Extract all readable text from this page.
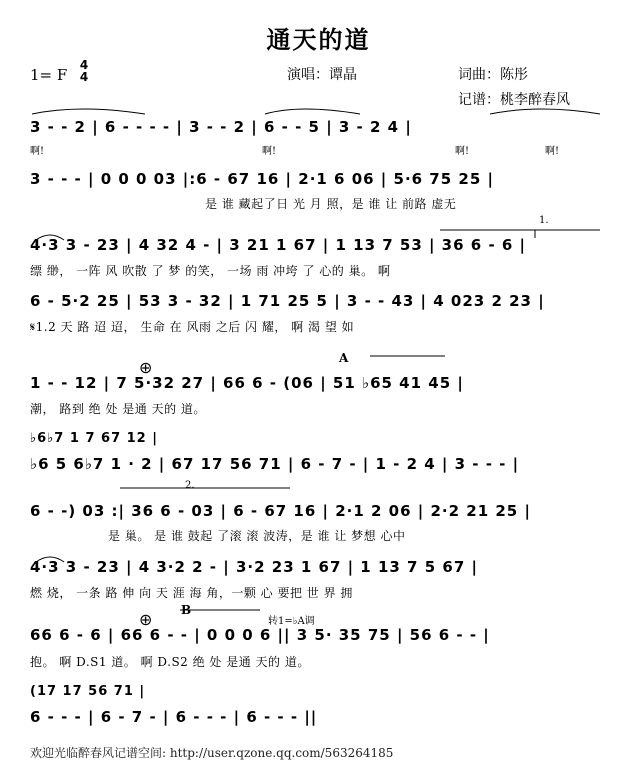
通天的道
1= F
4
4	演唱：谭晶	词曲：陈彤
记谱：桃李醉春风
3 - - 2 | 6 - - - - | 3 - - 2 | 6 - - 5 | 3 - 2 4 |
啊!	啊!	啊!	啊!
3 - - - | 0 0 0 03 |:6 - 67 16 | 2·1 6 06 | 5·6 75 25 |
是 谁 藏起了日 光 月 照，是 谁 让 前路 虚无
4·3 3 - 23 | 4 32 4 - | 3 21 1 67 | 1 13 7 53 | 36 6 - 6 |
缥 缈， 一阵 风 吹散 了 梦 的笑， 一场 雨 冲垮 了 心的 巢。 啊
1.
6 - 5·2 25 | 53 3 - 32 | 1 71 25 5 | 3 - - 43 | 4 023 2 23 |
𝄋1.2 天 路 迢 迢， 生命 在 风雨 之后 闪 耀， 啊 渴 望 如
1 - - 12 | 7 5·32 27 | 66 6 - (06 | 51 ♭65 41 45 |
潮， 路到 绝 处 是通 天的 道。
A
⊕
♭6♭7 1 7 67 12 |
♭6 5 6♭7 1 · 2 | 67 17 56 71 | 6 - 7 - | 1 - 2 4 | 3 - - - |
6 - -) 03 :| 36 6 - 03 | 6 - 67 16 | 2·1 2 06 | 2·2 21 25 |
是 巢。 是 谁 鼓起 了滚 滚 波涛，是 谁 让 梦想 心中
2.
4·3 3 - 23 | 4 3·2 2 - | 3·2 23 1 67 | 1 13 7 5 67 |
燃 烧， 一条 路 伸 向 天 涯 海 角，一颗 心 要把 世 界 拥
66 6 - 6 | 66 6 - - | 0 0 0 6 || 3 5· 35 75 | 56 6 - - |
抱。 啊 D.S1 道。 啊 D.S2 绝 处 是通 天的 道。
B
转1=♭A调
⊕
(17 17 56 71 |
6 - - - | 6 - 7 - | 6 - - - | 6 - - - ||
欢迎光临醉春风记谱空间: http://user.qzone.qq.com/563264185
